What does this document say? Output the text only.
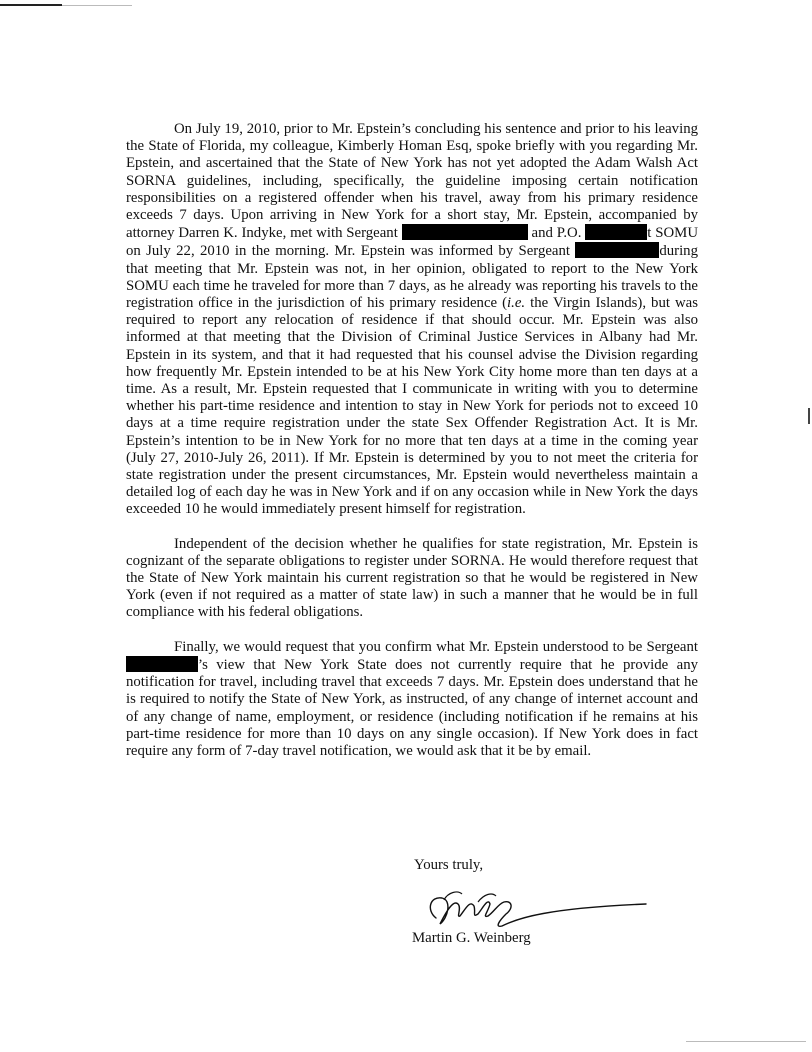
On July 19, 2010, prior to Mr. Epstein’s concluding his sentence and prior to his leaving the State of Florida, my colleague, Kimberly Homan Esq, spoke briefly with you regarding Mr. Epstein, and ascertained that the State of New York has not yet adopted the Adam Walsh Act SORNA guidelines, including, specifically, the guideline imposing certain notification responsibilities on a registered offender when his travel, away from his primary residence exceeds 7 days. Upon arriving in New York for a short stay, Mr. Epstein, accompanied by attorney Darren K. Indyke, met with Sergeant	and P.O.	t SOMU on July 22, 2010 in the morning. Mr. Epstein was informed by Sergeant	during that meeting that Mr. Epstein was not, in her opinion, obligated to report to the New York SOMU each time he traveled for more than 7 days, as he already was reporting his travels to the registration office in the jurisdiction of his primary residence (i.e. the Virgin Islands), but was required to report any relocation of residence if that should occur. Mr. Epstein was also informed at that meeting that the Division of Criminal Justice Services in Albany had Mr. Epstein in its system, and that it had requested that his counsel advise the Division regarding how frequently Mr. Epstein intended to be at his New York City home more than ten days at a time. As a result, Mr. Epstein requested that I communicate in writing with you to determine whether his part-time residence and intention to stay in New York for periods not to exceed 10 days at a time require registration under the state Sex Offender Registration Act. It is Mr. Epstein’s intention to be in New York for no more that ten days at a time in the coming year (July 27, 2010-July 26, 2011). If Mr. Epstein is determined by you to not meet the criteria for state registration under the present circumstances, Mr. Epstein would nevertheless maintain a detailed log of each day he was in New York and if on any occasion while in New York the days exceeded 10 he would immediately present himself for registration.

Independent of the decision whether he qualifies for state registration, Mr. Epstein is cognizant of the separate obligations to register under SORNA. He would therefore request that the State of New York maintain his current registration so that he would be registered in New York (even if not required as a matter of state law) in such a manner that he would be in full compliance with his federal obligations.

Finally, we would request that you confirm what Mr. Epstein understood to be Sergeant ’s view that New York State does not currently require that he provide any notification for travel, including travel that exceeds 7 days. Mr. Epstein does understand that he is required to notify the State of New York, as instructed, of any change of internet account and of any change of name, employment, or residence (including notification if he remains at his part-time residence for more than 10 days on any single occasion). If New York does in fact require any form of 7-day travel notification, we would ask that it be by email.

Yours truly,
Martin G. Weinberg
